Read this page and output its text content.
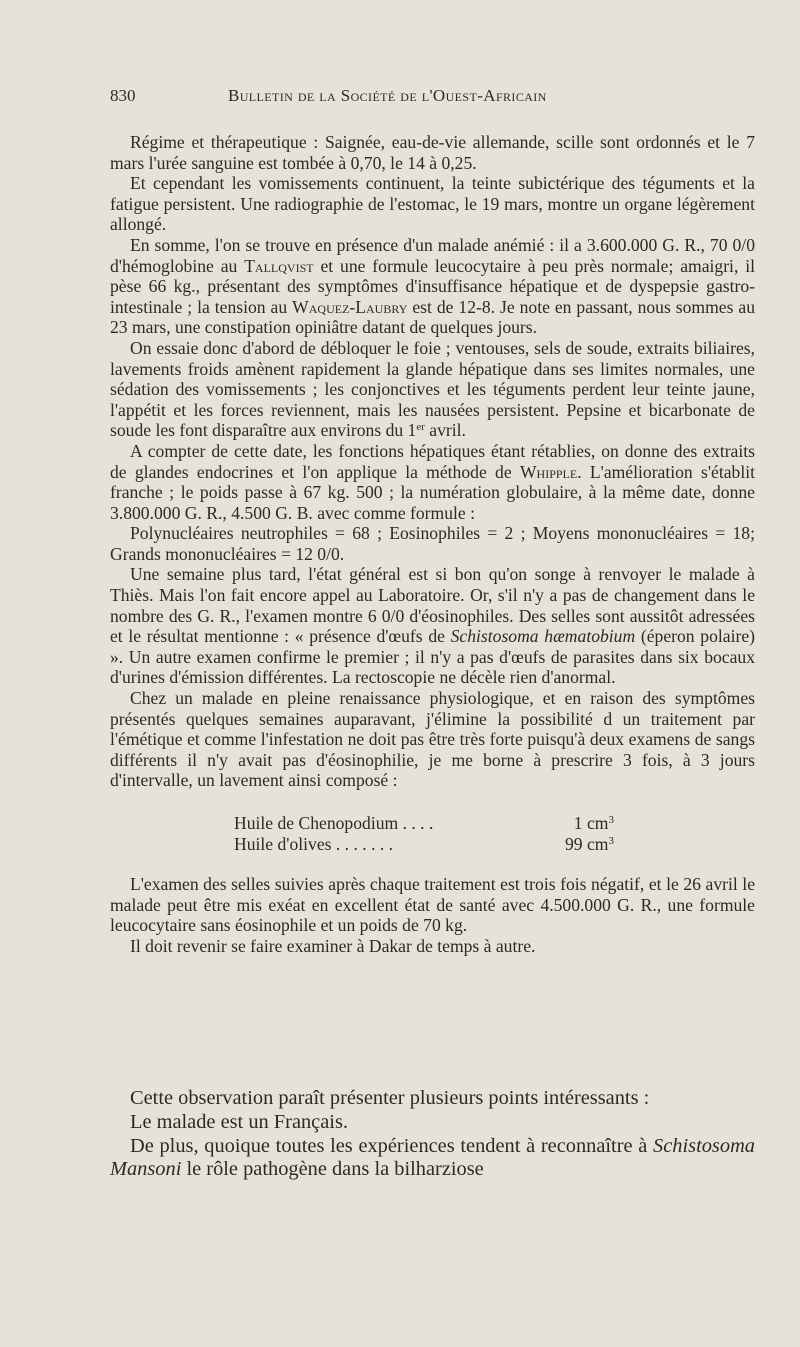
830	Bulletin de la Société de l'Ouest-Africain

Régime et thérapeutique : Saignée, eau-de-vie allemande, scille sont ordonnés et le 7 mars l'urée sanguine est tombée à 0,70, le 14 à 0,25.

Et cependant les vomissements continuent, la teinte subictérique des téguments et la fatigue persistent. Une radiographie de l'estomac, le 19 mars, montre un organe légèrement allongé.

En somme, l'on se trouve en présence d'un malade anémié : il a 3.600.000 G. R., 70 0/0 d'hémoglobine au Tallqvist et une formule leucocytaire à peu près normale; amaigri, il pèse 66 kg., présentant des symptômes d'insuffisance hépatique et de dyspepsie gastro-intestinale ; la tension au Waquez-Laubry est de 12-8. Je note en passant, nous sommes au 23 mars, une constipation opiniâtre datant de quelques jours.

On essaie donc d'abord de débloquer le foie ; ventouses, sels de soude, extraits biliaires, lavements froids amènent rapidement la glande hépatique dans ses limites normales, une sédation des vomissements ; les conjonctives et les téguments perdent leur teinte jaune, l'appétit et les forces reviennent, mais les nausées persistent. Pepsine et bicarbonate de soude les font disparaître aux environs du 1er avril.

A compter de cette date, les fonctions hépatiques étant rétablies, on donne des extraits de glandes endocrines et l'on applique la méthode de Whipple. L'amélioration s'établit franche ; le poids passe à 67 kg. 500 ; la numération globulaire, à la même date, donne 3.800.000 G. R., 4.500 G. B. avec comme formule :

Polynucléaires neutrophiles = 68 ; Eosinophiles = 2 ; Moyens mononucléaires = 18; Grands mononucléaires = 12 0/0.

Une semaine plus tard, l'état général est si bon qu'on songe à renvoyer le malade à Thiès. Mais l'on fait encore appel au Laboratoire. Or, s'il n'y a pas de changement dans le nombre des G. R., l'examen montre 6 0/0 d'éosinophiles. Des selles sont aussitôt adressées et le résultat mentionne : « présence d'œufs de Schistosoma hæmatobium (éperon polaire) ». Un autre examen confirme le premier ; il n'y a pas d'œufs de parasites dans six bocaux d'urines d'émission différentes. La rectoscopie ne décèle rien d'anormal.

Chez un malade en pleine renaissance physiologique, et en raison des symptômes présentés quelques semaines auparavant, j'élimine la possibilité d un traitement par l'émétique et comme l'infestation ne doit pas être très forte puisqu'à deux examens de sangs différents il n'y avait pas d'éosinophilie, je me borne à prescrire 3 fois, à 3 jours d'intervalle, un lavement ainsi composé :

Huile de Chenopodium . . . .	1 $cm^3$
Huile d'olives . . . . . . .	99 $cm^3$

L'examen des selles suivies après chaque traitement est trois fois négatif, et le 26 avril le malade peut être mis exéat en excellent état de santé avec 4.500.000 G. R., une formule leucocytaire sans éosinophile et un poids de 70 kg.

Il doit revenir se faire examiner à Dakar de temps à autre.

Cette observation paraît présenter plusieurs points intéressants :

Le malade est un Français.

De plus, quoique toutes les expériences tendent à reconnaître à Schistosoma Mansoni le rôle pathogène dans la bilharziose
